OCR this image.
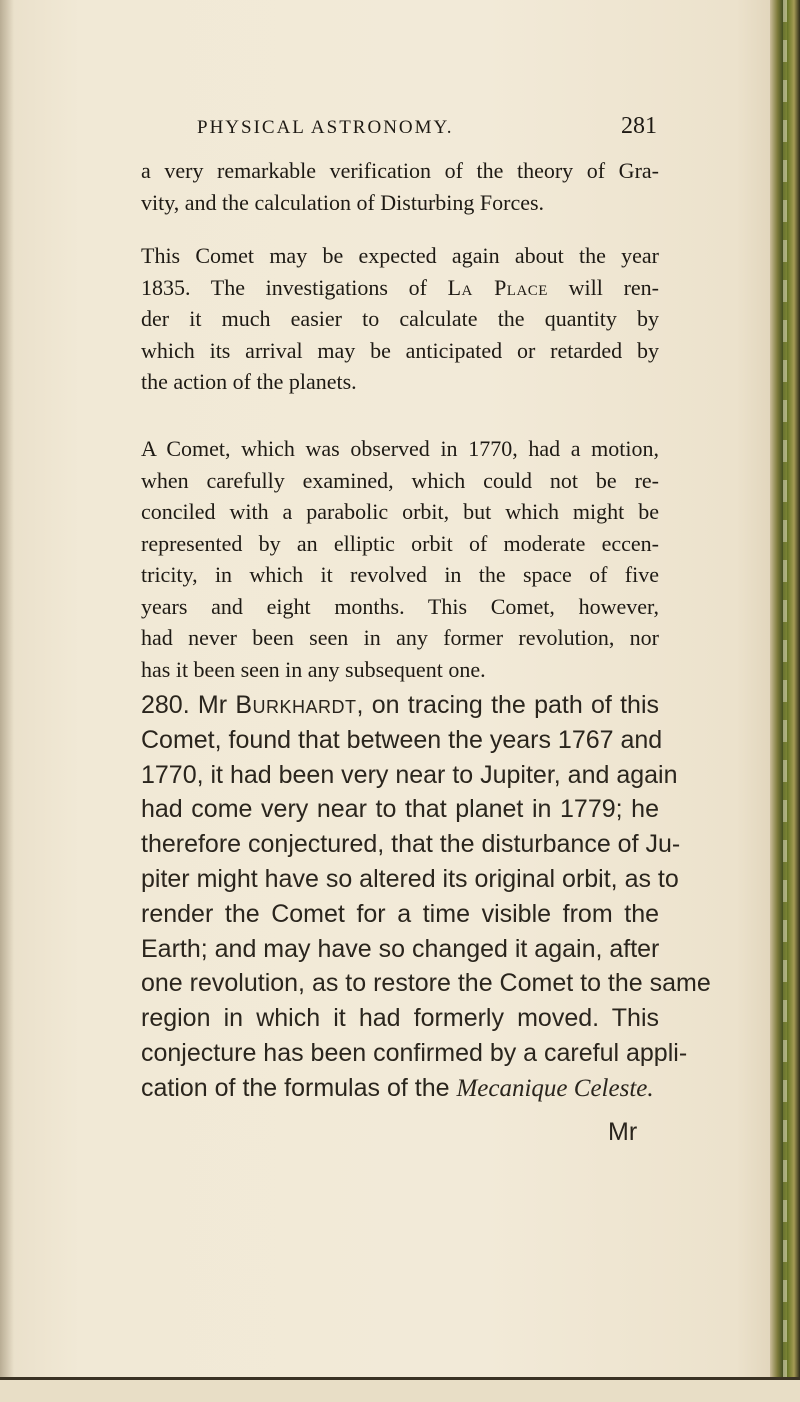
PHYSICAL ASTRONOMY.	281
a very remarkable verification of the theory of Gra-
vity, and the calculation of Disturbing Forces.
This Comet may be expected again about the year
1835. The investigations of La Place will ren-
der it much easier to calculate the quantity by
which its arrival may be anticipated or retarded by
the action of the planets.
A Comet, which was observed in 1770, had a motion,
when carefully examined, which could not be re-
conciled with a parabolic orbit, but which might be
represented by an elliptic orbit of moderate eccen-
tricity, in which it revolved in the space of five
years and eight months. This Comet, however,
had never been seen in any former revolution, nor
has it been seen in any subsequent one.
280. Mr Burkhardt, on tracing the path of this
Comet, found that between the years 1767 and
1770, it had been very near to Jupiter, and again
had come very near to that planet in 1779; he
therefore conjectured, that the disturbance of Ju-
piter might have so altered its original orbit, as to
render the Comet for a time visible from the
Earth; and may have so changed it again, after
one revolution, as to restore the Comet to the same
region in which it had formerly moved. This
conjecture has been confirmed by a careful appli-
cation of the formulas of the Mecanique Celeste.
Mr
